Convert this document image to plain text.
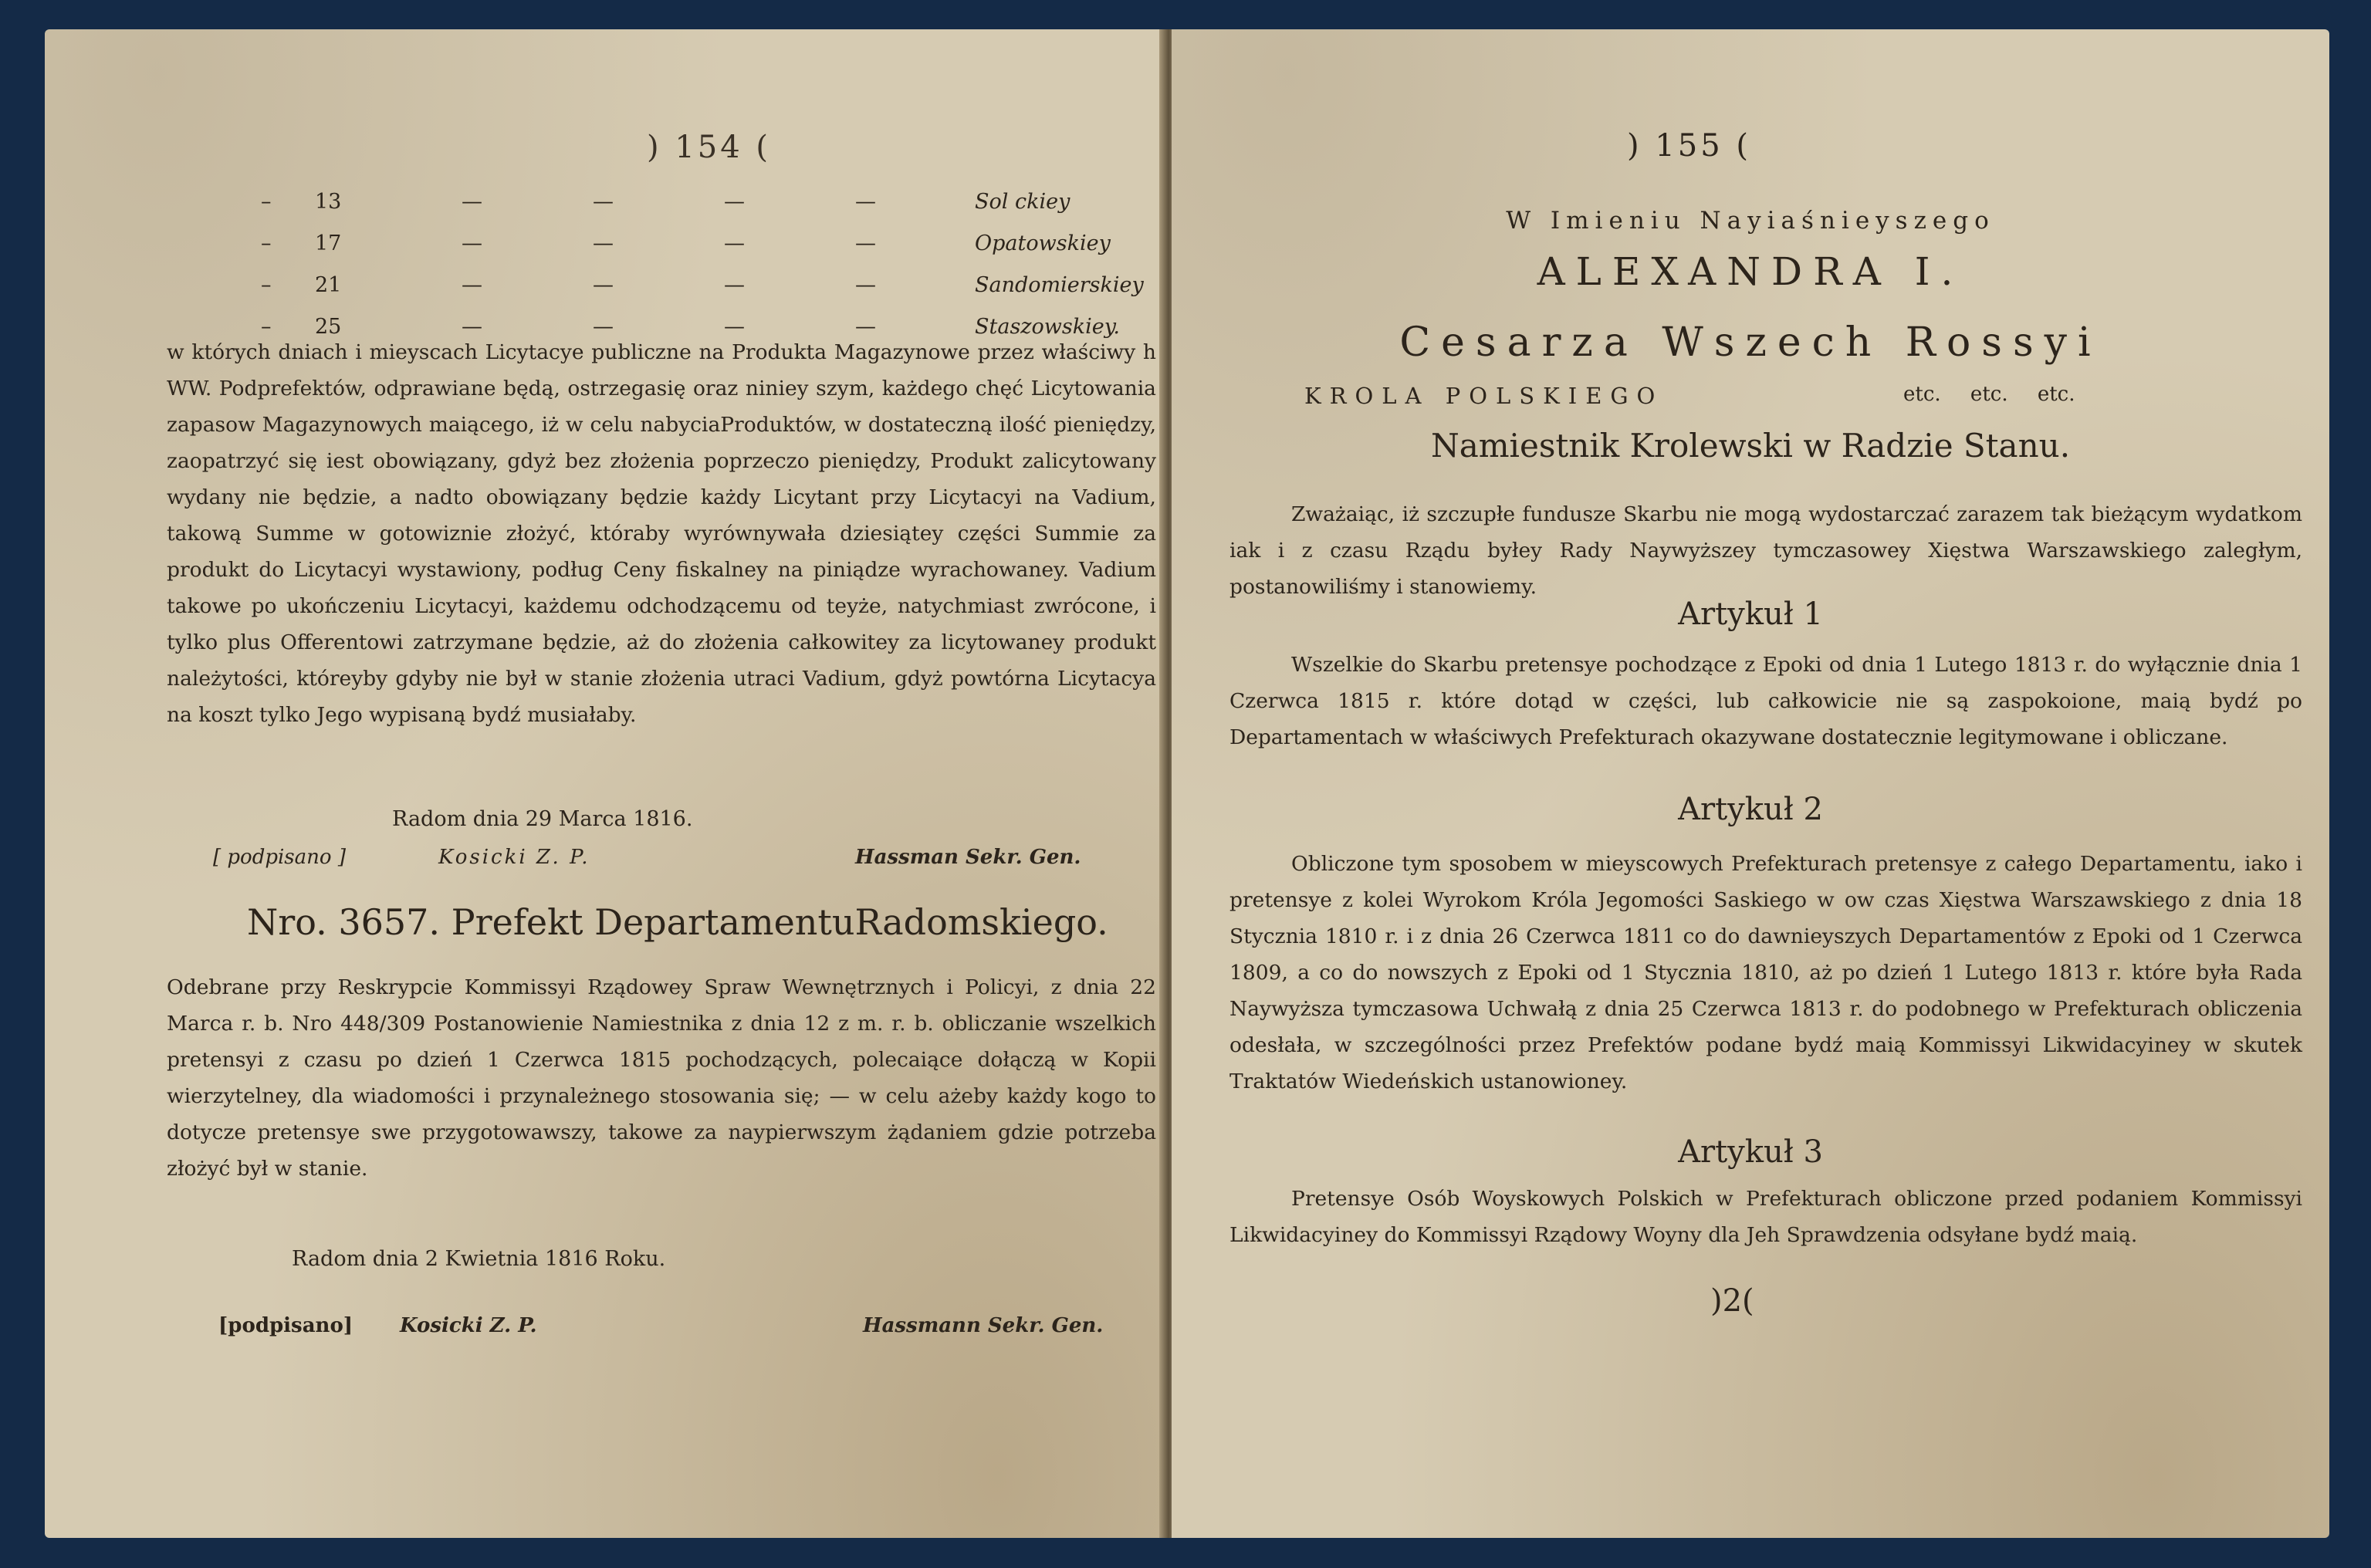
) 154 (
– 13	—	—	—	—	Sol ckiey
– 17	—	—	—	—	Opatowskiey
– 21	—	—	—	—	Sandomierskiey
– 25	—	—	—	—	Staszowskiey.

w których dniach i mieyscach Licytacye publiczne na Produkta Magazynowe przez właściwy h WW. Podprefektów, odprawiane będą, ostrzegasię oraz niniey szym, każdego chęć Licytowania zapasow Magazynowych maiącego, iż w celu nabyciaProduktów, w dostateczną ilość pieniędzy, zaopatrzyć się iest obowiązany, gdyż bez złożenia poprzeczo pieniędzy, Produkt zalicytowany wydany nie będzie, a nadto obowiązany będzie każdy Licytant przy Licytacyi na Vadium, takową Summe w gotowiznie złożyć, któraby wyrównywała dziesiątey części Summie za produkt do Licytacyi wystawiony, podług Ceny fiskalney na piniądze wyrachowaney. Vadium takowe po ukończeniu Licytacyi, każdemu odchodzącemu od teyże, natychmiast zwrócone, i tylko plus Offerentowi zatrzymane będzie, aż do złożenia całkowitey za licytowaney produkt należytości, któreyby gdyby nie był w stanie złożenia utraci Vadium, gdyż powtórna Licytacya na koszt tylko Jego wypisaną bydź musiałaby.

Radom dnia 29 Marca 1816.
[ podpisano ]	Kosicki Z. P.	Hassman Sekr. Gen.
Nro. 3657. Prefekt DepartamentuRadomskiego.

Odebrane przy Reskrypcie Kommissyi Rządowey Spraw Wewnętrznych i Policyi, z dnia 22 Marca r. b. Nro 448/309 Postanowienie Namiestnika z dnia 12 z m. r. b. obliczanie wszelkich pretensyi z czasu po dzień 1 Czerwca 1815 pochodzących, polecaiące dołączą w Kopii wierzytelney, dla wiadomości i przynależnego stosowania się; — w celu ażeby każdy kogo to dotycze pretensye swe przygotowawszy, takowe za naypierwszym żądaniem gdzie potrzeba złożyć był w stanie.

Radom dnia 2 Kwietnia 1816 Roku.
[podpisano] Kosicki Z. P.	Hassmann Sekr. Gen.
) 155 (
W Imieniu Nayiaśnieyszego
ALEXANDRA I.
Cesarza Wszech Rossyi
KROLA POLSKIEGO	etc. etc. etc.
Namiestnik Krolewski w Radzie Stanu.

Zważaiąc, iż szczupłe fundusze Skarbu nie mogą wydostarczać zarazem tak bieżącym wydatkom iak i z czasu Rządu byłey Rady Naywyższey tymczasowey Xięstwa Warszawskiego zaległym, postanowiliśmy i stanowiemy.

Artykuł 1

Wszelkie do Skarbu pretensye pochodzące z Epoki od dnia 1 Lutego 1813 r. do wyłącznie dnia 1 Czerwca 1815 r. które dotąd w części, lub całkowicie nie są zaspokoione, maią bydź po Departamentach w właściwych Prefekturach okazywane dostatecznie legitymowane i obliczane.

Artykuł 2

Obliczone tym sposobem w mieyscowych Prefekturach pretensye z całego Departamentu, iako i pretensye z kolei Wyrokom Króla Jegomości Saskiego w ow czas Xięstwa Warszawskiego z dnia 18 Stycznia 1810 r. i z dnia 26 Czerwca 1811 co do dawnieyszych Departamentów z Epoki od 1 Czerwca 1809, a co do nowszych z Epoki od 1 Stycznia 1810, aż po dzień 1 Lutego 1813 r. które była Rada Naywyższa tymczasowa Uchwałą z dnia 25 Czerwca 1813 r. do podobnego w Prefekturach obliczenia odesłała, w szczególności przez Prefektów podane bydź maią Kommissyi Likwidacyiney w skutek Traktatów Wiedeńskich ustanowioney.

Artykuł 3

Pretensye Osób Woyskowych Polskich w Prefekturach obliczone przed podaniem Kommissyi Likwidacyiney do Kommissyi Rządowy Woyny dla Jeh Sprawdzenia odsyłane bydź maią.

)2(
